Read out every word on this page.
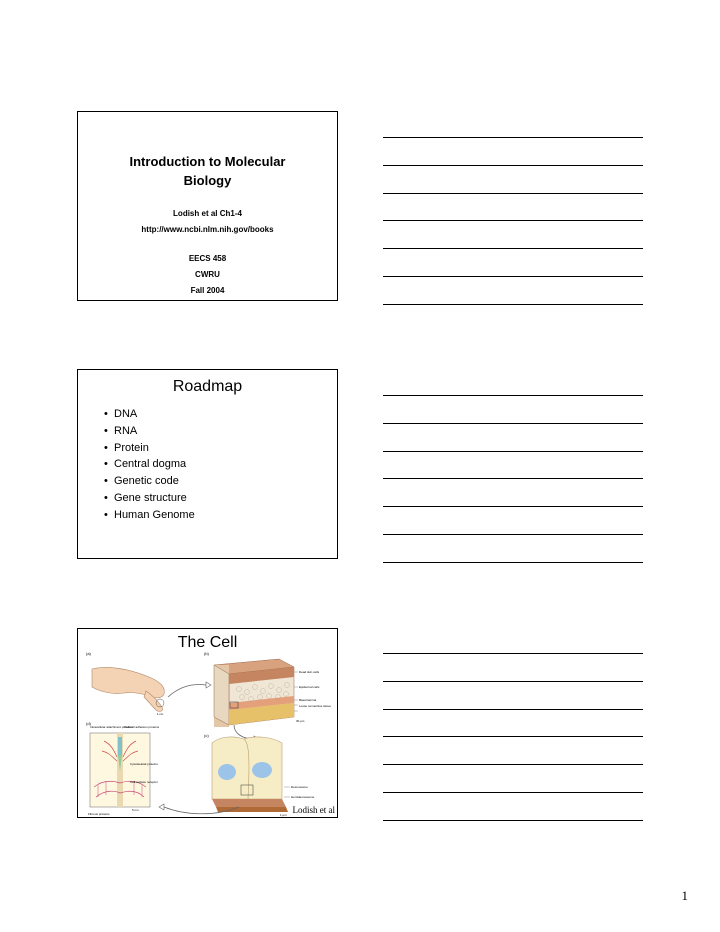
Introduction to Molecular
Biology
Lodish et al Ch1-4
http://www.ncbi.nlm.nih.gov/books
EECS 458
CWRU
Fall 2004
Roadmap
• DNA
• RNA
• Protein
• Central dogma
• Genetic code
• Gene structure
• Human Genome
The Cell
(a)	(b)
(d)
(c)
1 cm
Dead skin cells
Epidermal cells
Basal lamina
Loose connective tissue
30 μm
Desmosome
Hemidesmosome
1 μm
Intracellular attachment proteins
Cell-cell adhesion proteins
Cytoskeletal proteins
Cell-surface receptor
Fibrous proteins
5 nm	Lodish et al
1
